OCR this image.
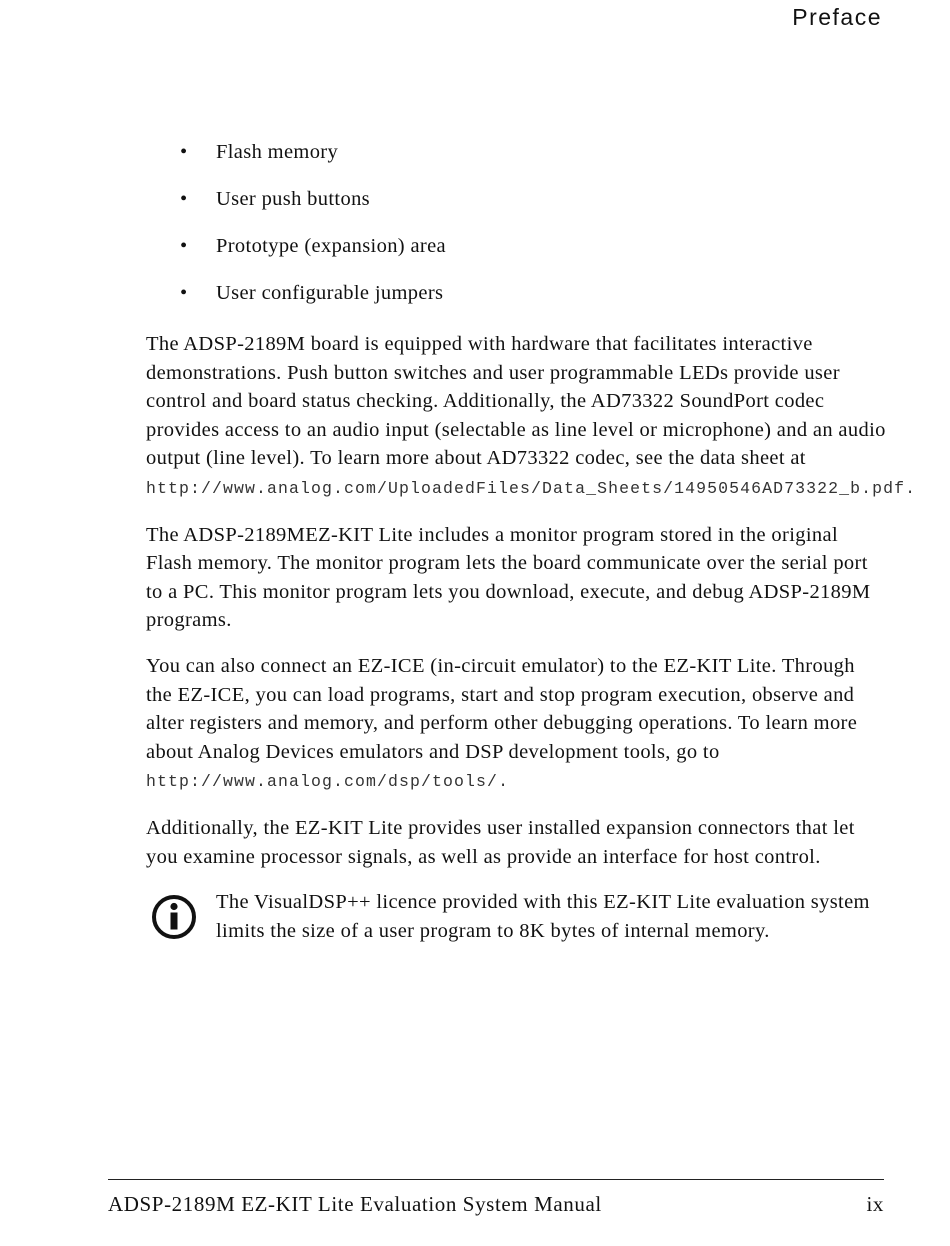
Preface
• Flash memory
• User push buttons
• Prototype (expansion) area
• User configurable jumpers

The ADSP-2189M board is equipped with hardware that facilitates interactive demonstrations. Push button switches and user programmable LEDs provide user control and board status checking. Additionally, the AD73322 SoundPort codec provides access to an audio input (selectable as line level or microphone) and an audio output (line level). To learn more about AD73322 codec, see the data sheet at http://www.analog.com/UploadedFiles/Data_Sheets/14950546AD73322_b.pdf.

The ADSP-2189MEZ-KIT Lite includes a monitor program stored in the original Flash memory. The monitor program lets the board communicate over the serial port to a PC. This monitor program lets you download, execute, and debug ADSP-2189M programs.

You can also connect an EZ-ICE (in-circuit emulator) to the EZ-KIT Lite. Through the EZ-ICE, you can load programs, start and stop program execution, observe and alter registers and memory, and perform other debugging operations. To learn more about Analog Devices emulators and DSP development tools, go to
http://www.analog.com/dsp/tools/.

Additionally, the EZ-KIT Lite provides user installed expansion connectors that let you examine processor signals, as well as provide an interface for host control.

The VisualDSP++ licence provided with this EZ-KIT Lite evaluation system limits the size of a user program to 8K bytes of internal memory.
ADSP-2189M EZ-KIT Lite Evaluation System Manual	ix
